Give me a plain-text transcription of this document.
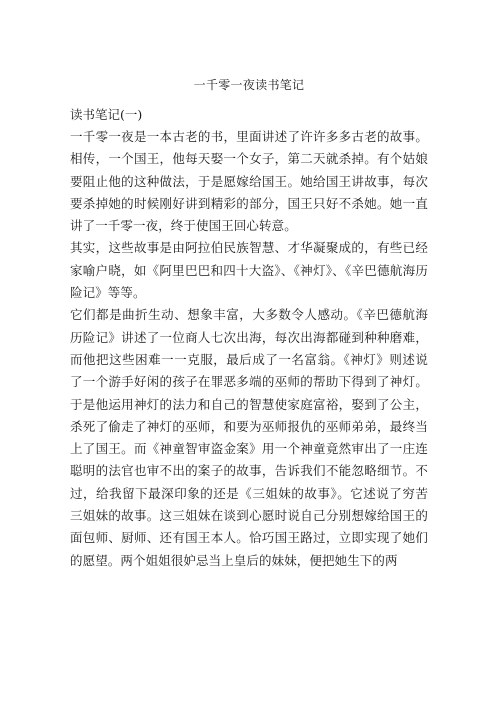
一千零一夜读书笔记
读书笔记(一)

一千零一夜是一本古老的书，里面讲述了许许多多古老的故事。相传，一个国王，他每天娶一个女子，第二天就杀掉。有个姑娘要阻止他的这种做法，于是愿嫁给国王。她给国王讲故事，每次要杀掉她的时候刚好讲到精彩的部分，国王只好不杀她。她一直讲了一千零一夜，终于使国王回心转意。

其实，这些故事是由阿拉伯民族智慧、才华凝聚成的，有些已经家喻户晓，如《阿里巴巴和四十大盗》、《神灯》、《辛巴德航海历险记》等等。

它们都是曲折生动、想象丰富，大多数令人感动。《辛巴德航海历险记》讲述了一位商人七次出海，每次出海都碰到种种磨难，而他把这些困难一一克服，最后成了一名富翁。《神灯》则述说了一个游手好闲的孩子在罪恶多端的巫师的帮助下得到了神灯。于是他运用神灯的法力和自己的智慧使家庭富裕，娶到了公主，杀死了偷走了神灯的巫师，和要为巫师报仇的巫师弟弟，最终当上了国王。而《神童智审盗金案》用一个神童竟然审出了一庄连聪明的法官也审不出的案子的故事，告诉我们不能忽略细节。不过，给我留下最深印象的还是《三姐妹的故事》。它述说了穷苦三姐妹的故事。这三姐妹在谈到心愿时说自己分别想嫁给国王的面包师、厨师、还有国王本人。恰巧国王路过，立即实现了她们的愿望。两个姐姐很妒忌当上皇后的妹妹，便把她生下的两
